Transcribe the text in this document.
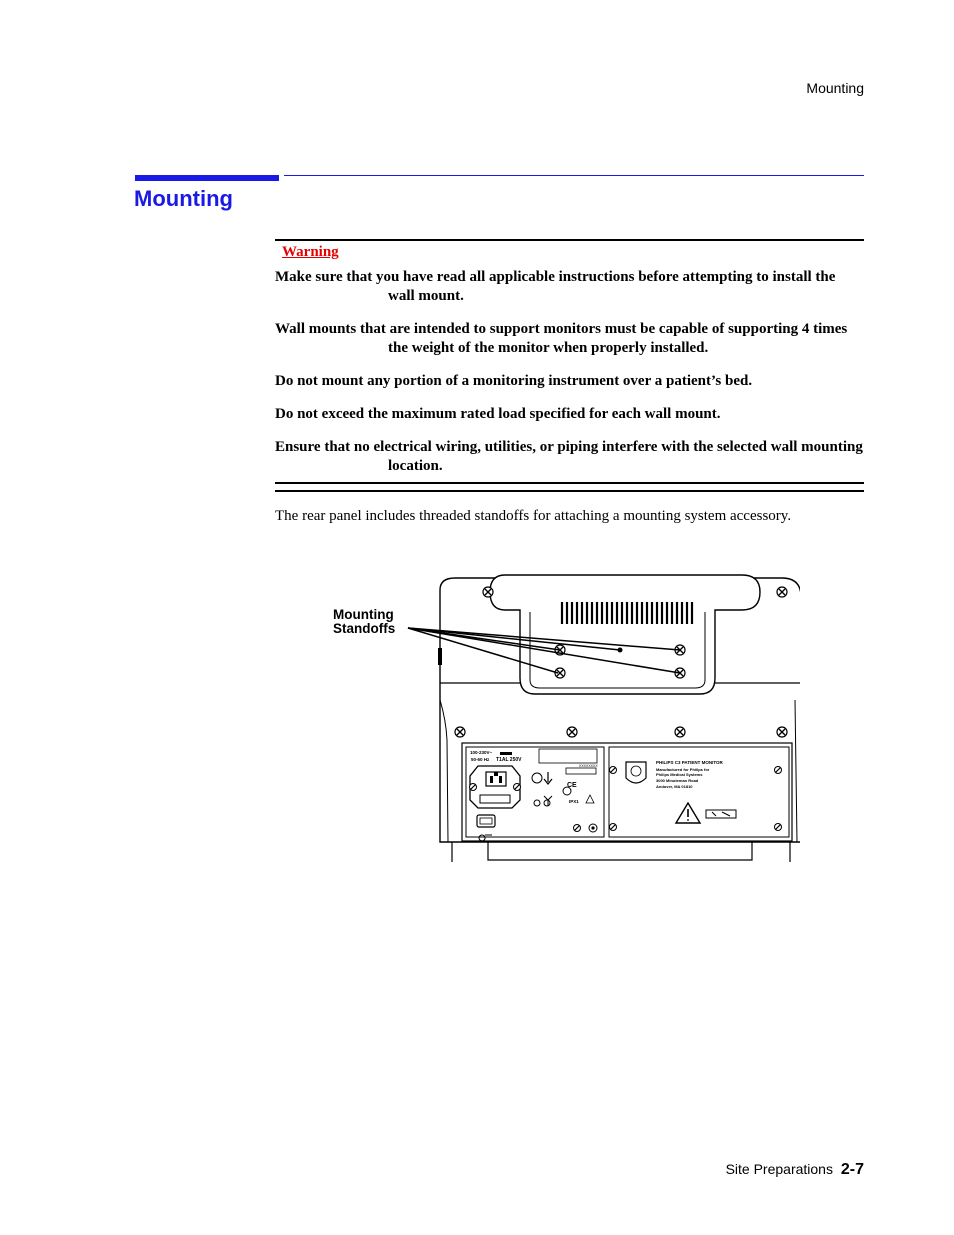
Mounting
Mounting
Warning
Make sure that you have read all applicable instructions before attempting to install the wall mount.
Wall mounts that are intended to support monitors must be capable of supporting 4 times the weight of the monitor when properly installed.
Do not mount any portion of a monitoring instrument over a patient’s bed.
Do not exceed the maximum rated load specified for each wall mount.
Ensure that no electrical wiring, utilities, or piping interfere with the selected wall mounting location.

The rear panel includes threaded standoffs for attaching a mounting system accessory.

Mounting
Standoffs

100-230V~
50-60 Hz T1AL 250V
XXXXXXXX
CE
IPX1
PHILIPS C3 PATIENT MONITOR
Manufactured for Philips for
Philips Medical Systems
3000 Minuteman Road
Andover, MA 01810
Site Preparations 2-7
